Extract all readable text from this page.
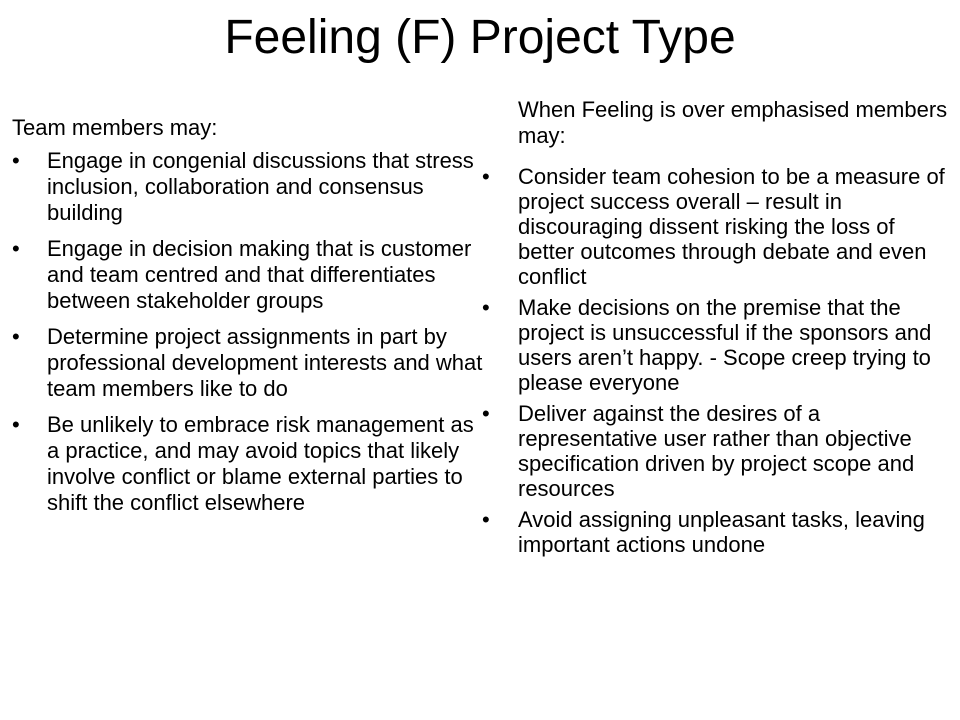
Feeling (F) Project Type

Team members may:

•	Engage in congenial discussions that stress inclusion, collaboration and consensus building
•	Engage in decision making that is customer and team centred and that differentiates between stakeholder groups
•	Determine project assignments in part by professional development interests and what team members like to do
•	Be unlikely to embrace risk management as a practice, and may avoid topics that likely involve conflict or blame external parties to shift the conflict elsewhere

When Feeling is over emphasised members may:

•	Consider team cohesion to be a measure of project success overall – result in discouraging dissent risking the loss of better outcomes through debate and even conflict
•	Make decisions on the premise that the project is unsuccessful if the sponsors and users aren’t happy. - Scope creep trying to please everyone
•	Deliver against the desires of a representative user rather than objective specification driven by project scope and resources
•	Avoid assigning unpleasant tasks, leaving important actions undone
